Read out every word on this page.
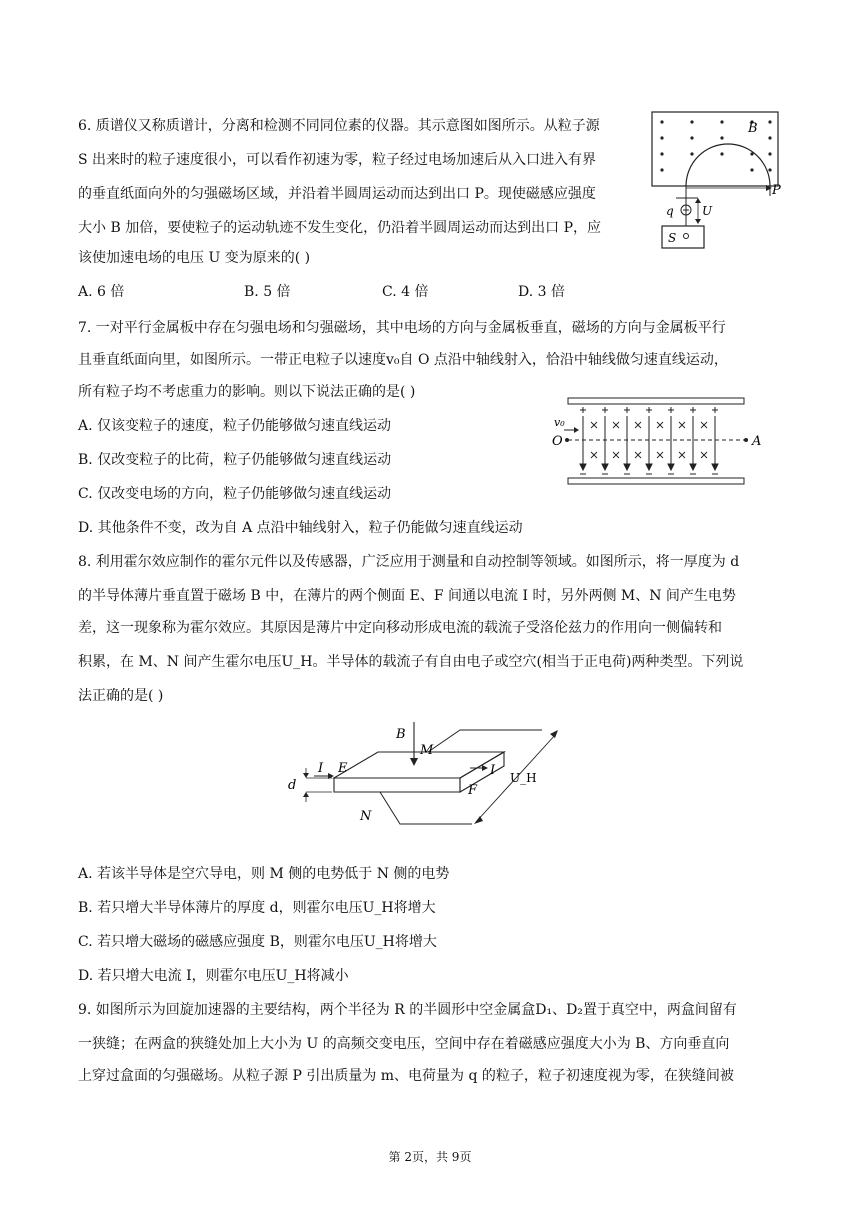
6. 质谱仪又称质谱计，分离和检测不同同位素的仪器。其示意图如图所示。从粒子源
S 出来时的粒子速度很小，可以看作初速为零，粒子经过电场加速后从入口进入有界
的垂直纸面向外的匀强磁场区域，并沿着半圆周运动而达到出口 P。现使磁感应强度
大小 B 加倍，要使粒子的运动轨迹不发生变化，仍沿着半圆周运动而达到出口 P，应
该使加速电场的电压 U 变为原来的( )
A. 6 倍	B. 5 倍	C. 4 倍	D. 3 倍
B
P
q U
S
7. 一对平行金属板中存在匀强电场和匀强磁场，其中电场的方向与金属板垂直，磁场的方向与金属板平行
且垂直纸面向里，如图所示。一带正电粒子以速度v₀自 O 点沿中轴线射入，恰沿中轴线做匀速直线运动，
所有粒子均不考虑重力的影响。则以下说法正确的是( )
A. 仅该变粒子的速度，粒子仍能够做匀速直线运动
B. 仅改变粒子的比荷，粒子仍能够做匀速直线运动
C. 仅改变电场的方向，粒子仍能够做匀速直线运动
D. 其他条件不变，改为自 A 点沿中轴线射入，粒子仍能做匀速直线运动
v₀
O	A
8. 利用霍尔效应制作的霍尔元件以及传感器，广泛应用于测量和自动控制等领域。如图所示，将一厚度为 d
的半导体薄片垂直置于磁场 B 中，在薄片的两个侧面 E、F 间通以电流 I 时，另外两侧 M、N 间产生电势
差，这一现象称为霍尔效应。其原因是薄片中定向移动形成电流的载流子受洛伦兹力的作用向一侧偏转和
积累，在 M、N 间产生霍尔电压U_H。半导体的载流子有自由电子或空穴(相当于正电荷)两种类型。下列说
法正确的是( )
B
M
N
E
F
I	I
d	U_H
A. 若该半导体是空穴导电，则 M 侧的电势低于 N 侧的电势
B. 若只增大半导体薄片的厚度 d，则霍尔电压U_H将增大
C. 若只增大磁场的磁感应强度 B，则霍尔电压U_H将增大
D. 若只增大电流 I，则霍尔电压U_H将减小
9. 如图所示为回旋加速器的主要结构，两个半径为 R 的半圆形中空金属盒D₁、D₂置于真空中，两盒间留有
一狭缝；在两盒的狭缝处加上大小为 U 的高频交变电压，空间中存在着磁感应强度大小为 B、方向垂直向
上穿过盒面的匀强磁场。从粒子源 P 引出质量为 m、电荷量为 q 的粒子，粒子初速度视为零，在狭缝间被
第 2页，共 9页
